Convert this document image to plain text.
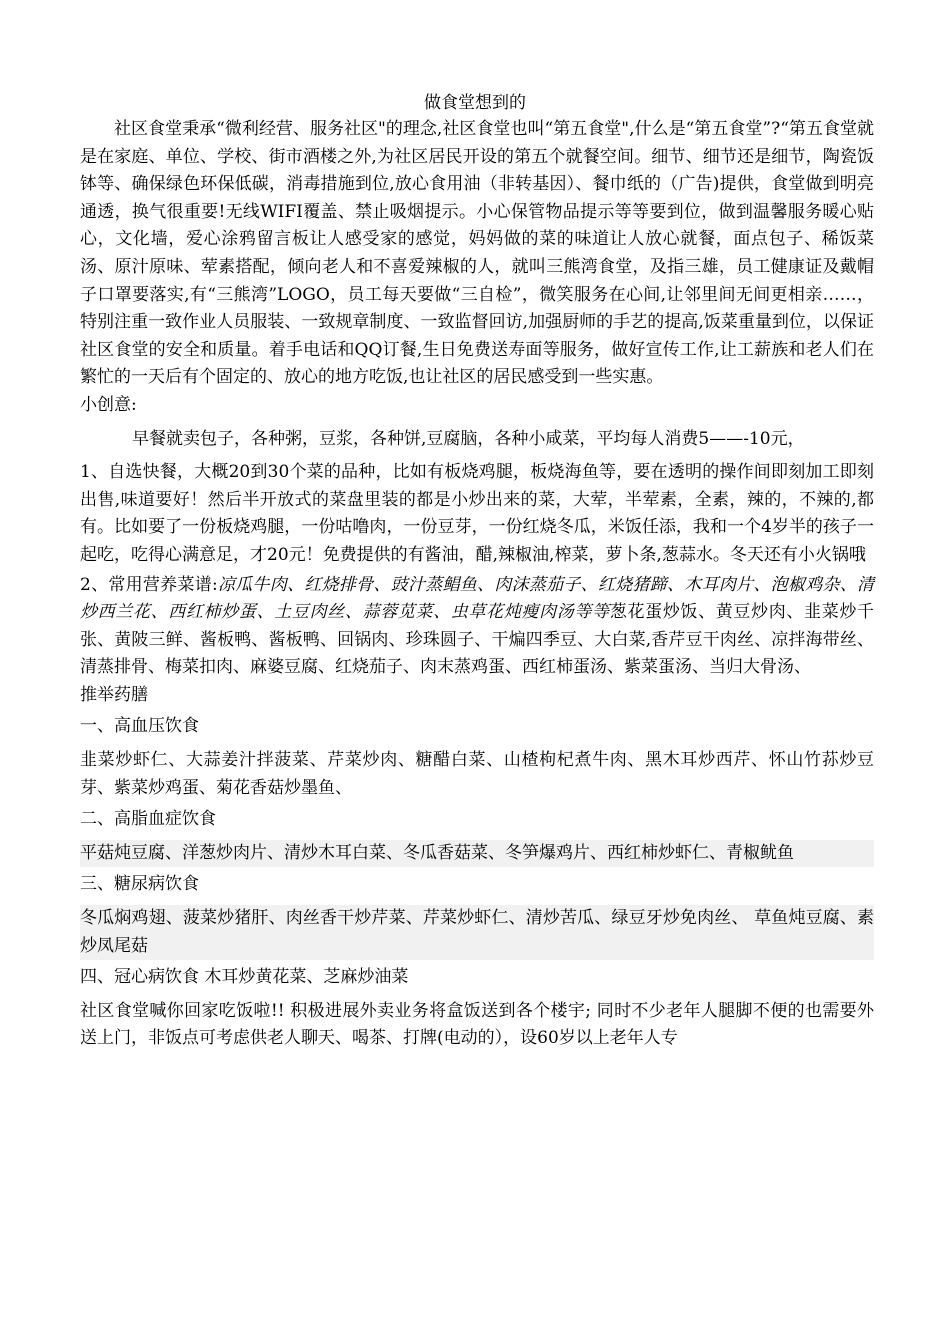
做食堂想到的

社区食堂秉承“微利经营、服务社区"的理念,社区食堂也叫“第五食堂",什么是“第五食堂”?“第五食堂就是在家庭、单位、学校、街市酒楼之外,为社区居民开设的第五个就餐空间。细节、细节还是细节，陶瓷饭钵等、确保绿色环保低碳，消毒措施到位,放心食用油（非转基因）、餐巾纸的（广告)提供，食堂做到明亮通透，换气很重要!无线WIFI覆盖、禁止吸烟提示。小心保管物品提示等等要到位，做到温馨服务暖心贴心，文化墙，爱心涂鸦留言板让人感受家的感觉，妈妈做的菜的味道让人放心就餐，面点包子、稀饭菜汤、原汁原味、荤素搭配，倾向老人和不喜爱辣椒的人，就叫三熊湾食堂，及指三雄，员工健康证及戴帽子口罩要落实,有“三熊湾”LOGO，员工每天要做“三自检”，微笑服务在心间,让邻里间无间更相亲……，特别注重一致作业人员服装、一致规章制度、一致监督回访,加强厨师的手艺的提高,饭菜重量到位，以保证社区食堂的安全和质量。着手电话和QQ订餐,生日免费送寿面等服务，做好宣传工作,让工薪族和老人们在繁忙的一天后有个固定的、放心的地方吃饭,也让社区的居民感受到一些实惠。

小创意:

早餐就卖包子，各种粥，豆浆，各种饼,豆腐脑，各种小咸菜，平均每人消费5——-10元，

1、自选快餐，大概20到30个菜的品种，比如有板烧鸡腿，板烧海鱼等，要在透明的操作间即刻加工即刻出售,味道要好！然后半开放式的菜盘里装的都是小炒出来的菜，大荤，半荤素，全素，辣的，不辣的,都有。比如要了一份板烧鸡腿，一份咕噜肉，一份豆芽，一份红烧冬瓜，米饭任添，我和一个4岁半的孩子一起吃，吃得心满意足，才20元！免费提供的有酱油，醋,辣椒油,榨菜，萝卜条,葱蒜水。冬天还有小火锅哦

2、常用营养菜谱:凉瓜牛肉、红烧排骨、豉汁蒸鲳鱼、肉沫蒸茄子、红烧猪蹄、木耳肉片、泡椒鸡杂、清炒西兰花、西红柿炒蛋、土豆肉丝、蒜蓉苋菜、虫草花炖瘦肉汤等等葱花蛋炒饭、黄豆炒肉、韭菜炒千张、黄陂三鲜、酱板鸭、酱板鸭、回锅肉、珍珠圆子、干煸四季豆、大白菜,香芹豆干肉丝、凉拌海带丝、清蒸排骨、梅菜扣肉、麻婆豆腐、红烧茄子、肉末蒸鸡蛋、西红柿蛋汤、紫菜蛋汤、当归大骨汤、

推举药膳

一、高血压饮食

韭菜炒虾仁、大蒜姜汁拌菠菜、芹菜炒肉、糖醋白菜、山楂枸杞煮牛肉、黑木耳炒西芹、怀山竹荪炒豆芽、紫菜炒鸡蛋、菊花香菇炒墨鱼、

二、高脂血症饮食

平菇炖豆腐、洋葱炒肉片、清炒木耳白菜、冬瓜香菇菜、冬笋爆鸡片、西红柿炒虾仁、青椒鱿鱼

三、糖尿病饮食

冬瓜焖鸡翅、菠菜炒猪肝、肉丝香干炒芹菜、芹菜炒虾仁、清炒苦瓜、绿豆牙炒免肉丝、 草鱼炖豆腐、素炒凤尾菇

四、冠心病饮食 木耳炒黄花菜、芝麻炒油菜

社区食堂喊你回家吃饭啦!! 积极进展外卖业务将盒饭送到各个楼宇; 同时不少老年人腿脚不便的也需要外送上门，非饭点可考虑供老人聊天、喝茶、打牌(电动的），设60岁以上老年人专
